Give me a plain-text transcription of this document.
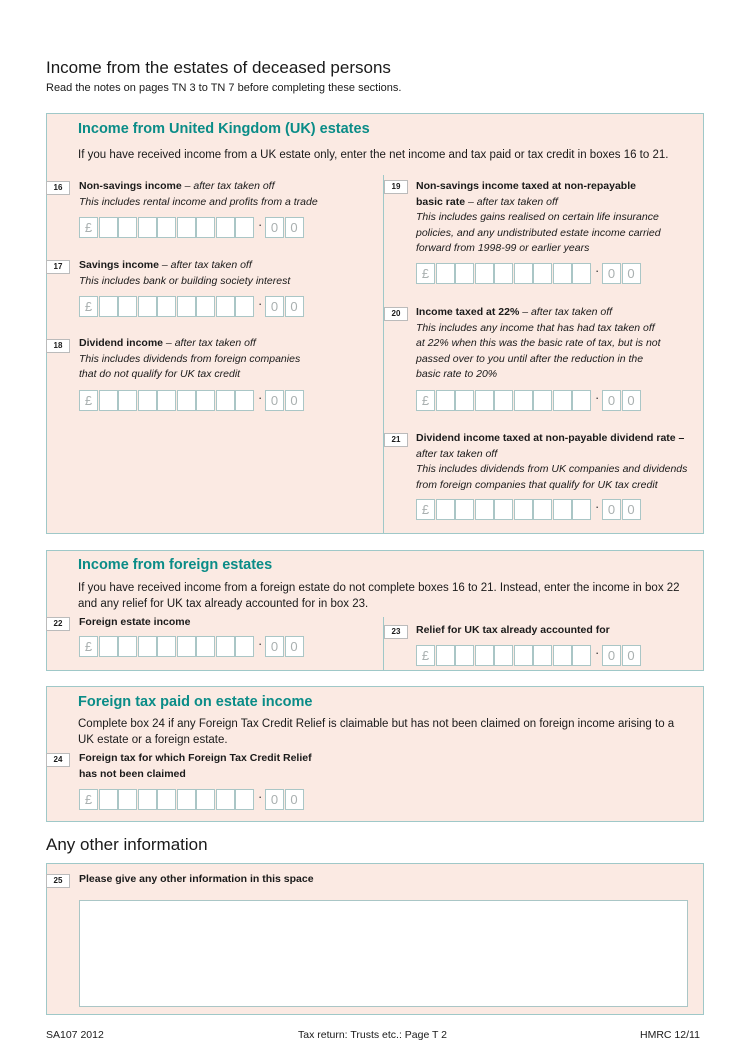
Income from the estates of deceased persons
Read the notes on pages TN 3 to TN 7 before completing these sections.
Income from United Kingdom (UK) estates
If you have received income from a UK estate only, enter the net income and tax paid or tax credit in boxes 16 to 21.
16	Non-savings income – after tax taken off
This includes rental income and profits from a trade
£	· 0 0
17	Savings income – after tax taken off
This includes bank or building society interest
£	· 0 0
18	Dividend income – after tax taken off
This includes dividends from foreign companies
that do not qualify for UK tax credit
£	· 0 0
19	Non-savings income taxed at non-repayable
basic rate – after tax taken off
This includes gains realised on certain life insurance
policies, and any undistributed estate income carried
forward from 1998-99 or earlier years
£	· 0 0
20	Income taxed at 22% – after tax taken off
This includes any income that has had tax taken off
at 22% when this was the basic rate of tax, but is not
passed over to you until after the reduction in the
basic rate to 20%
£	· 0 0
21	Dividend income taxed at non-payable dividend rate –
after tax taken off
This includes dividends from UK companies and dividends
from foreign companies that qualify for UK tax credit
£	· 0 0
Income from foreign estates
If you have received income from a foreign estate do not complete boxes 16 to 21. Instead, enter the income in box 22
and any relief for UK tax already accounted for in box 23.
22	Foreign estate income
£	· 0 0
23	Relief for UK tax already accounted for
£	· 0 0
Foreign tax paid on estate income
Complete box 24 if any Foreign Tax Credit Relief is claimable but has not been claimed on foreign income arising to a
UK estate or a foreign estate.
24	Foreign tax for which Foreign Tax Credit Relief
has not been claimed
£	· 0 0
Any other information
25	Please give any other information in this space
SA107 2012	Tax return: Trusts etc.: Page T 2	HMRC 12/11
